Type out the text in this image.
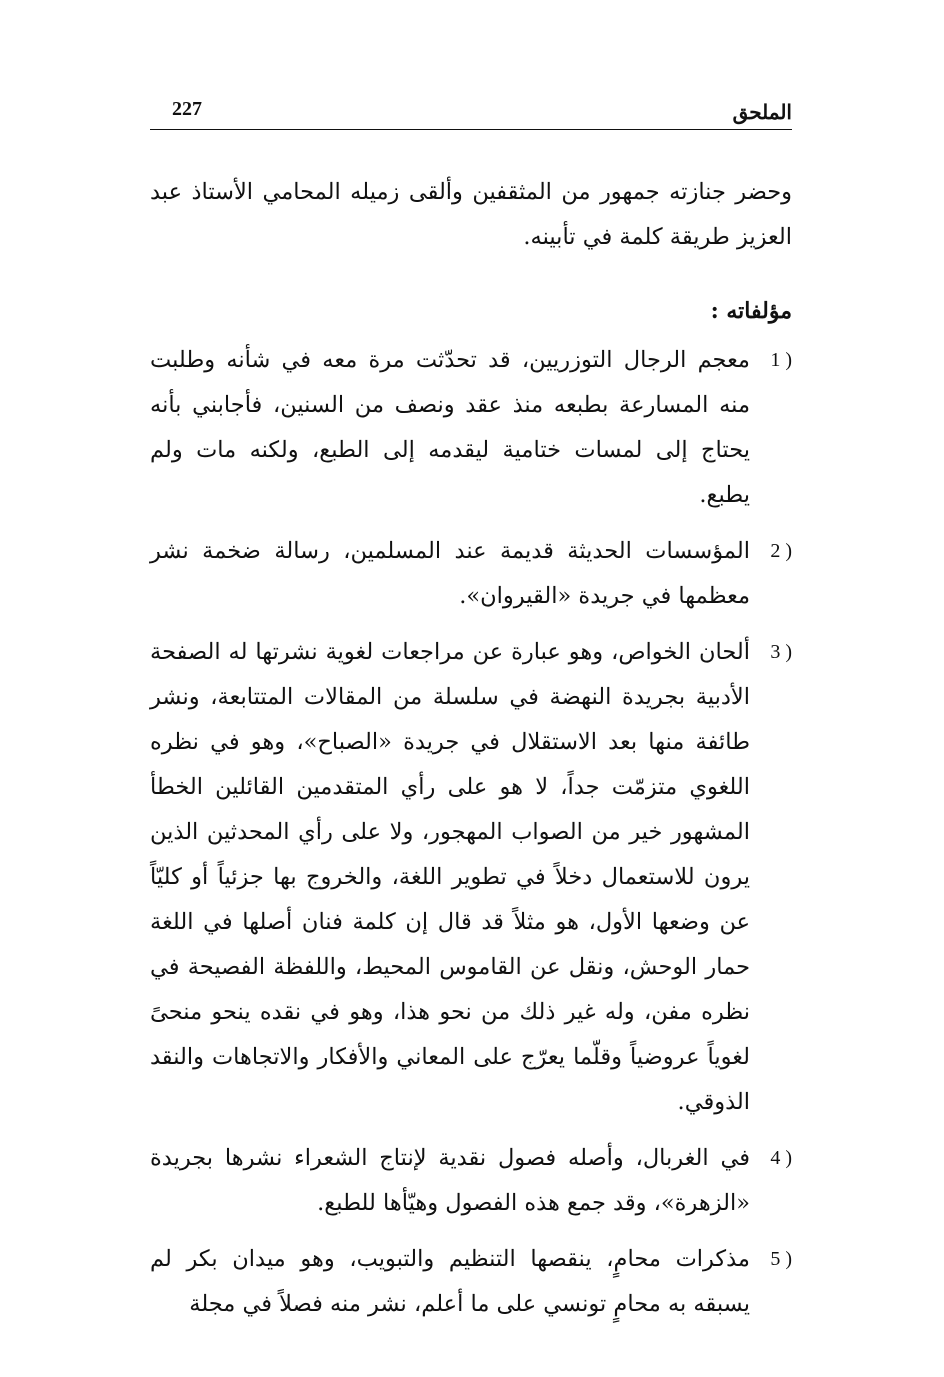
227	الملحق

وحضر جنازته جمهور من المثقفين وألقى زميله المحامي الأستاذ عبد العزيز طريقة كلمة في تأبينه.

مؤلفاته :
1 )
معجم الرجال التوزريين، قد تحدّثت مرة معه في شأنه وطلبت منه المسارعة بطبعه منذ عقد ونصف من السنين، فأجابني بأنه يحتاج إلى لمسات ختامية ليقدمه إلى الطبع، ولكنه مات ولم يطبع.
2 )
المؤسسات الحديثة قديمة عند المسلمين، رسالة ضخمة نشر معظمها في جريدة «القيروان».
3 )
ألحان الخواص، وهو عبارة عن مراجعات لغوية نشرتها له الصفحة الأدبية بجريدة النهضة في سلسلة من المقالات المتتابعة، ونشر طائفة منها بعد الاستقلال في جريدة «الصباح»، وهو في نظره اللغوي متزمّت جداً، لا هو على رأي المتقدمين القائلين الخطأ المشهور خير من الصواب المهجور، ولا على رأي المحدثين الذين يرون للاستعمال دخلاً في تطوير اللغة، والخروج بها جزئياً أو كليّاً عن وضعها الأول، هو مثلاً قد قال إن كلمة فنان أصلها في اللغة حمار الوحش، ونقل عن القاموس المحيط، واللفظة الفصيحة في نظره مفن، وله غير ذلك من نحو هذا، وهو في نقده ينحو منحىً لغوياً عروضياً وقلّما يعرّج على المعاني والأفكار والاتجاهات والنقد الذوقي.
4 )
في الغربال، وأصله فصول نقدية لإنتاج الشعراء نشرها بجريدة «الزهرة»، وقد جمع هذه الفصول وهيّأها للطبع.
5 )
مذكرات محامٍ، ينقصها التنظيم والتبويب، وهو ميدان بكر لم يسبقه به محامٍ تونسي على ما أعلم، نشر منه فصلاً في مجلة
